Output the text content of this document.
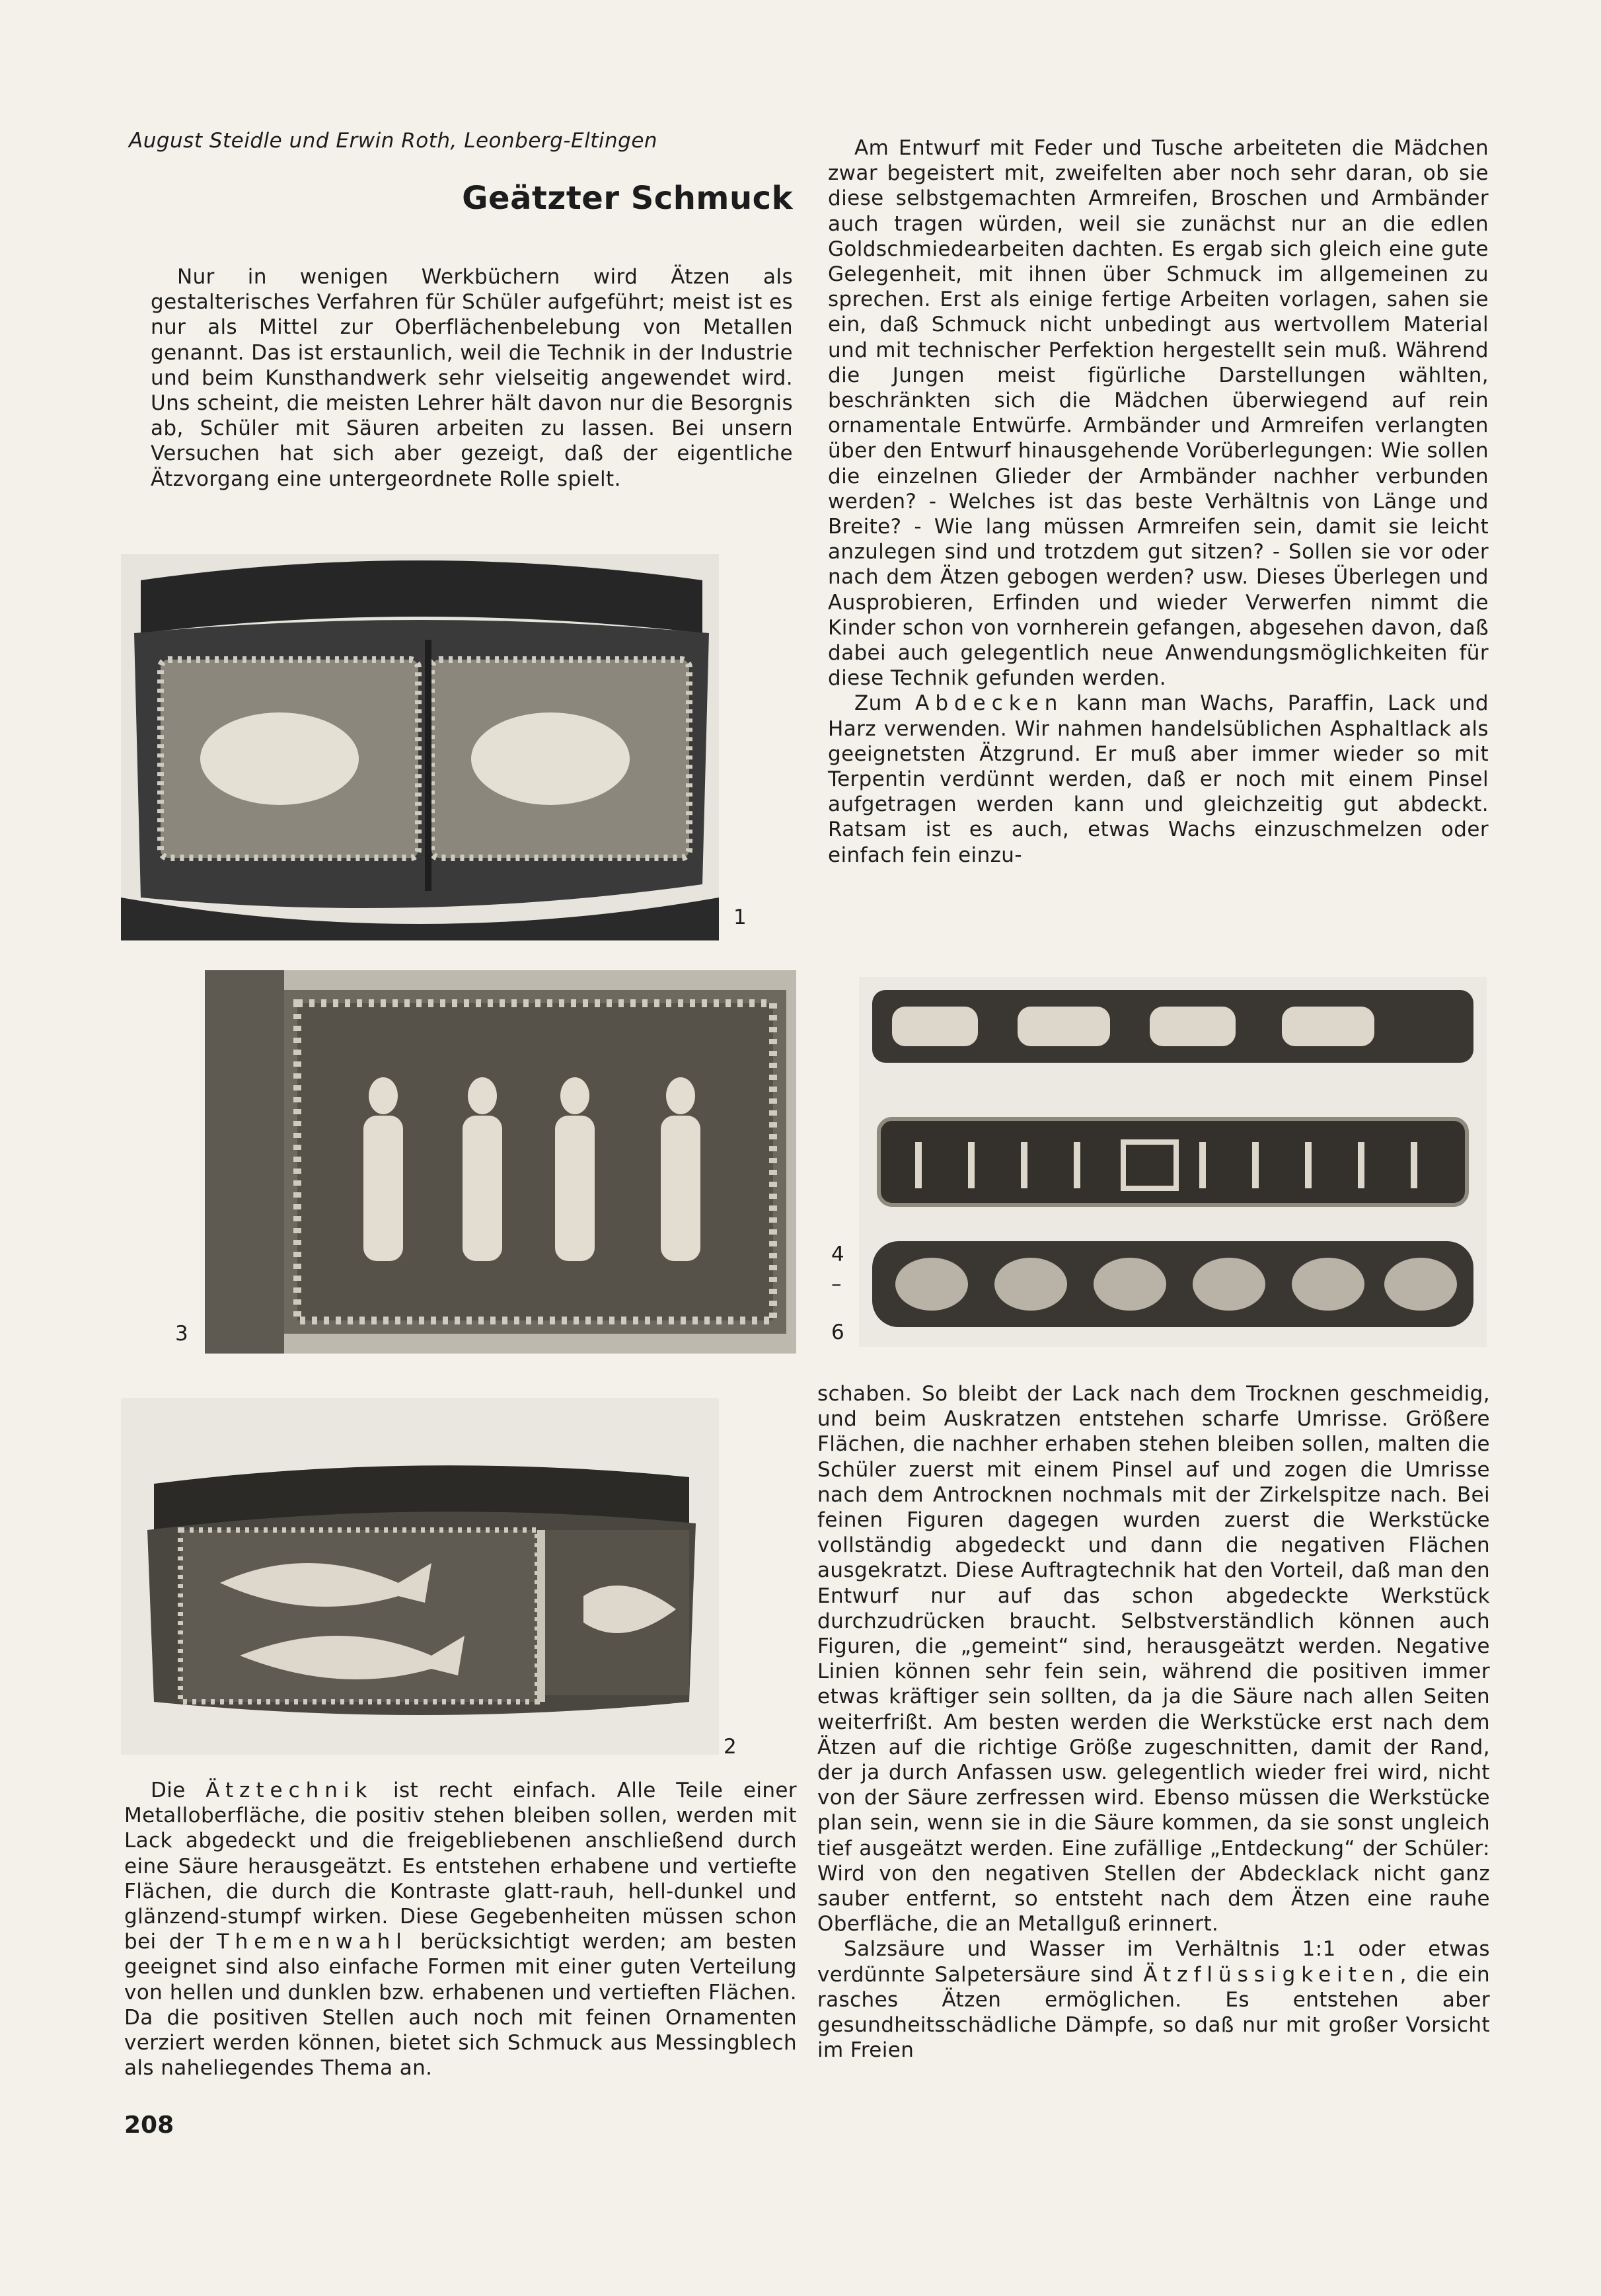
August Steidle und Erwin Roth, Leonberg-Eltingen
Geätzter Schmuck

Nur in wenigen Werkbüchern wird Ätzen als gestalterisches Verfahren für Schüler aufgeführt; meist ist es nur als Mittel zur Oberflächenbelebung von Metallen genannt. Das ist erstaunlich, weil die Technik in der Industrie und beim Kunsthandwerk sehr vielseitig angewendet wird. Uns scheint, die meisten Lehrer hält davon nur die Besorgnis ab, Schüler mit Säuren arbeiten zu lassen. Bei unsern Versuchen hat sich aber gezeigt, daß der eigentliche Ätzvorgang eine untergeordnete Rolle spielt.

Am Entwurf mit Feder und Tusche arbeiteten die Mädchen zwar begeistert mit, zweifelten aber noch sehr daran, ob sie diese selbstgemachten Armreifen, Broschen und Armbänder auch tragen würden, weil sie zunächst nur an die edlen Goldschmiedearbeiten dachten. Es ergab sich gleich eine gute Gelegenheit, mit ihnen über Schmuck im allgemeinen zu sprechen. Erst als einige fertige Arbeiten vorlagen, sahen sie ein, daß Schmuck nicht unbedingt aus wertvollem Material und mit technischer Perfektion hergestellt sein muß. Während die Jungen meist figürliche Darstellungen wählten, beschränkten sich die Mädchen überwiegend auf rein ornamentale Entwürfe. Armbänder und Armreifen verlangten über den Entwurf hinausgehende Vorüberlegungen: Wie sollen die einzelnen Glieder der Armbänder nachher verbunden werden? - Welches ist das beste Verhältnis von Länge und Breite? - Wie lang müssen Armreifen sein, damit sie leicht anzulegen sind und trotzdem gut sitzen? - Sollen sie vor oder nach dem Ätzen gebogen werden? usw. Dieses Überlegen und Ausprobieren, Erfinden und wieder Verwerfen nimmt die Kinder schon von vornherein gefangen, abgesehen davon, daß dabei auch gelegentlich neue Anwendungsmöglichkeiten für diese Technik gefunden werden.

Zum Abdecken kann man Wachs, Paraffin, Lack und Harz verwenden. Wir nahmen handelsüblichen Asphaltlack als geeignetsten Ätzgrund. Er muß aber immer wieder so mit Terpentin verdünnt werden, daß er noch mit einem Pinsel aufgetragen werden kann und gleichzeitig gut abdeckt. Ratsam ist es auch, etwas Wachs einzuschmelzen oder einfach fein einzu-

1
3
4
–
6
2

Die Ätztechnik ist recht einfach. Alle Teile einer Metalloberfläche, die positiv stehen bleiben sollen, werden mit Lack abgedeckt und die freigebliebenen anschließend durch eine Säure herausgeätzt. Es entstehen erhabene und vertiefte Flächen, die durch die Kontraste glatt-rauh, hell-dunkel und glänzend-stumpf wirken. Diese Gegebenheiten müssen schon bei der Themenwahl berücksichtigt werden; am besten geeignet sind also einfache Formen mit einer guten Verteilung von hellen und dunklen bzw. erhabenen und vertieften Flächen. Da die positiven Stellen auch noch mit feinen Ornamenten verziert werden können, bietet sich Schmuck aus Messingblech als naheliegendes Thema an.

schaben. So bleibt der Lack nach dem Trocknen geschmeidig, und beim Auskratzen entstehen scharfe Umrisse. Größere Flächen, die nachher erhaben stehen bleiben sollen, malten die Schüler zuerst mit einem Pinsel auf und zogen die Umrisse nach dem Antrocknen nochmals mit der Zirkelspitze nach. Bei feinen Figuren dagegen wurden zuerst die Werkstücke vollständig abgedeckt und dann die negativen Flächen ausgekratzt. Diese Auftragtechnik hat den Vorteil, daß man den Entwurf nur auf das schon abgedeckte Werkstück durchzudrücken braucht. Selbstverständlich können auch Figuren, die „gemeint“ sind, herausgeätzt werden. Negative Linien können sehr fein sein, während die positiven immer etwas kräftiger sein sollten, da ja die Säure nach allen Seiten weiterfrißt. Am besten werden die Werkstücke erst nach dem Ätzen auf die richtige Größe zugeschnitten, damit der Rand, der ja durch Anfassen usw. gelegentlich wieder frei wird, nicht von der Säure zerfressen wird. Ebenso müssen die Werkstücke plan sein, wenn sie in die Säure kommen, da sie sonst ungleich tief ausgeätzt werden. Eine zufällige „Entdeckung“ der Schüler: Wird von den negativen Stellen der Abdecklack nicht ganz sauber entfernt, so entsteht nach dem Ätzen eine rauhe Oberfläche, die an Metallguß erinnert.

Salzsäure und Wasser im Verhältnis 1:1 oder etwas verdünnte Salpetersäure sind Ätzflüssigkeiten, die ein rasches Ätzen ermöglichen. Es entstehen aber gesundheitsschädliche Dämpfe, so daß nur mit großer Vorsicht im Freien

208
